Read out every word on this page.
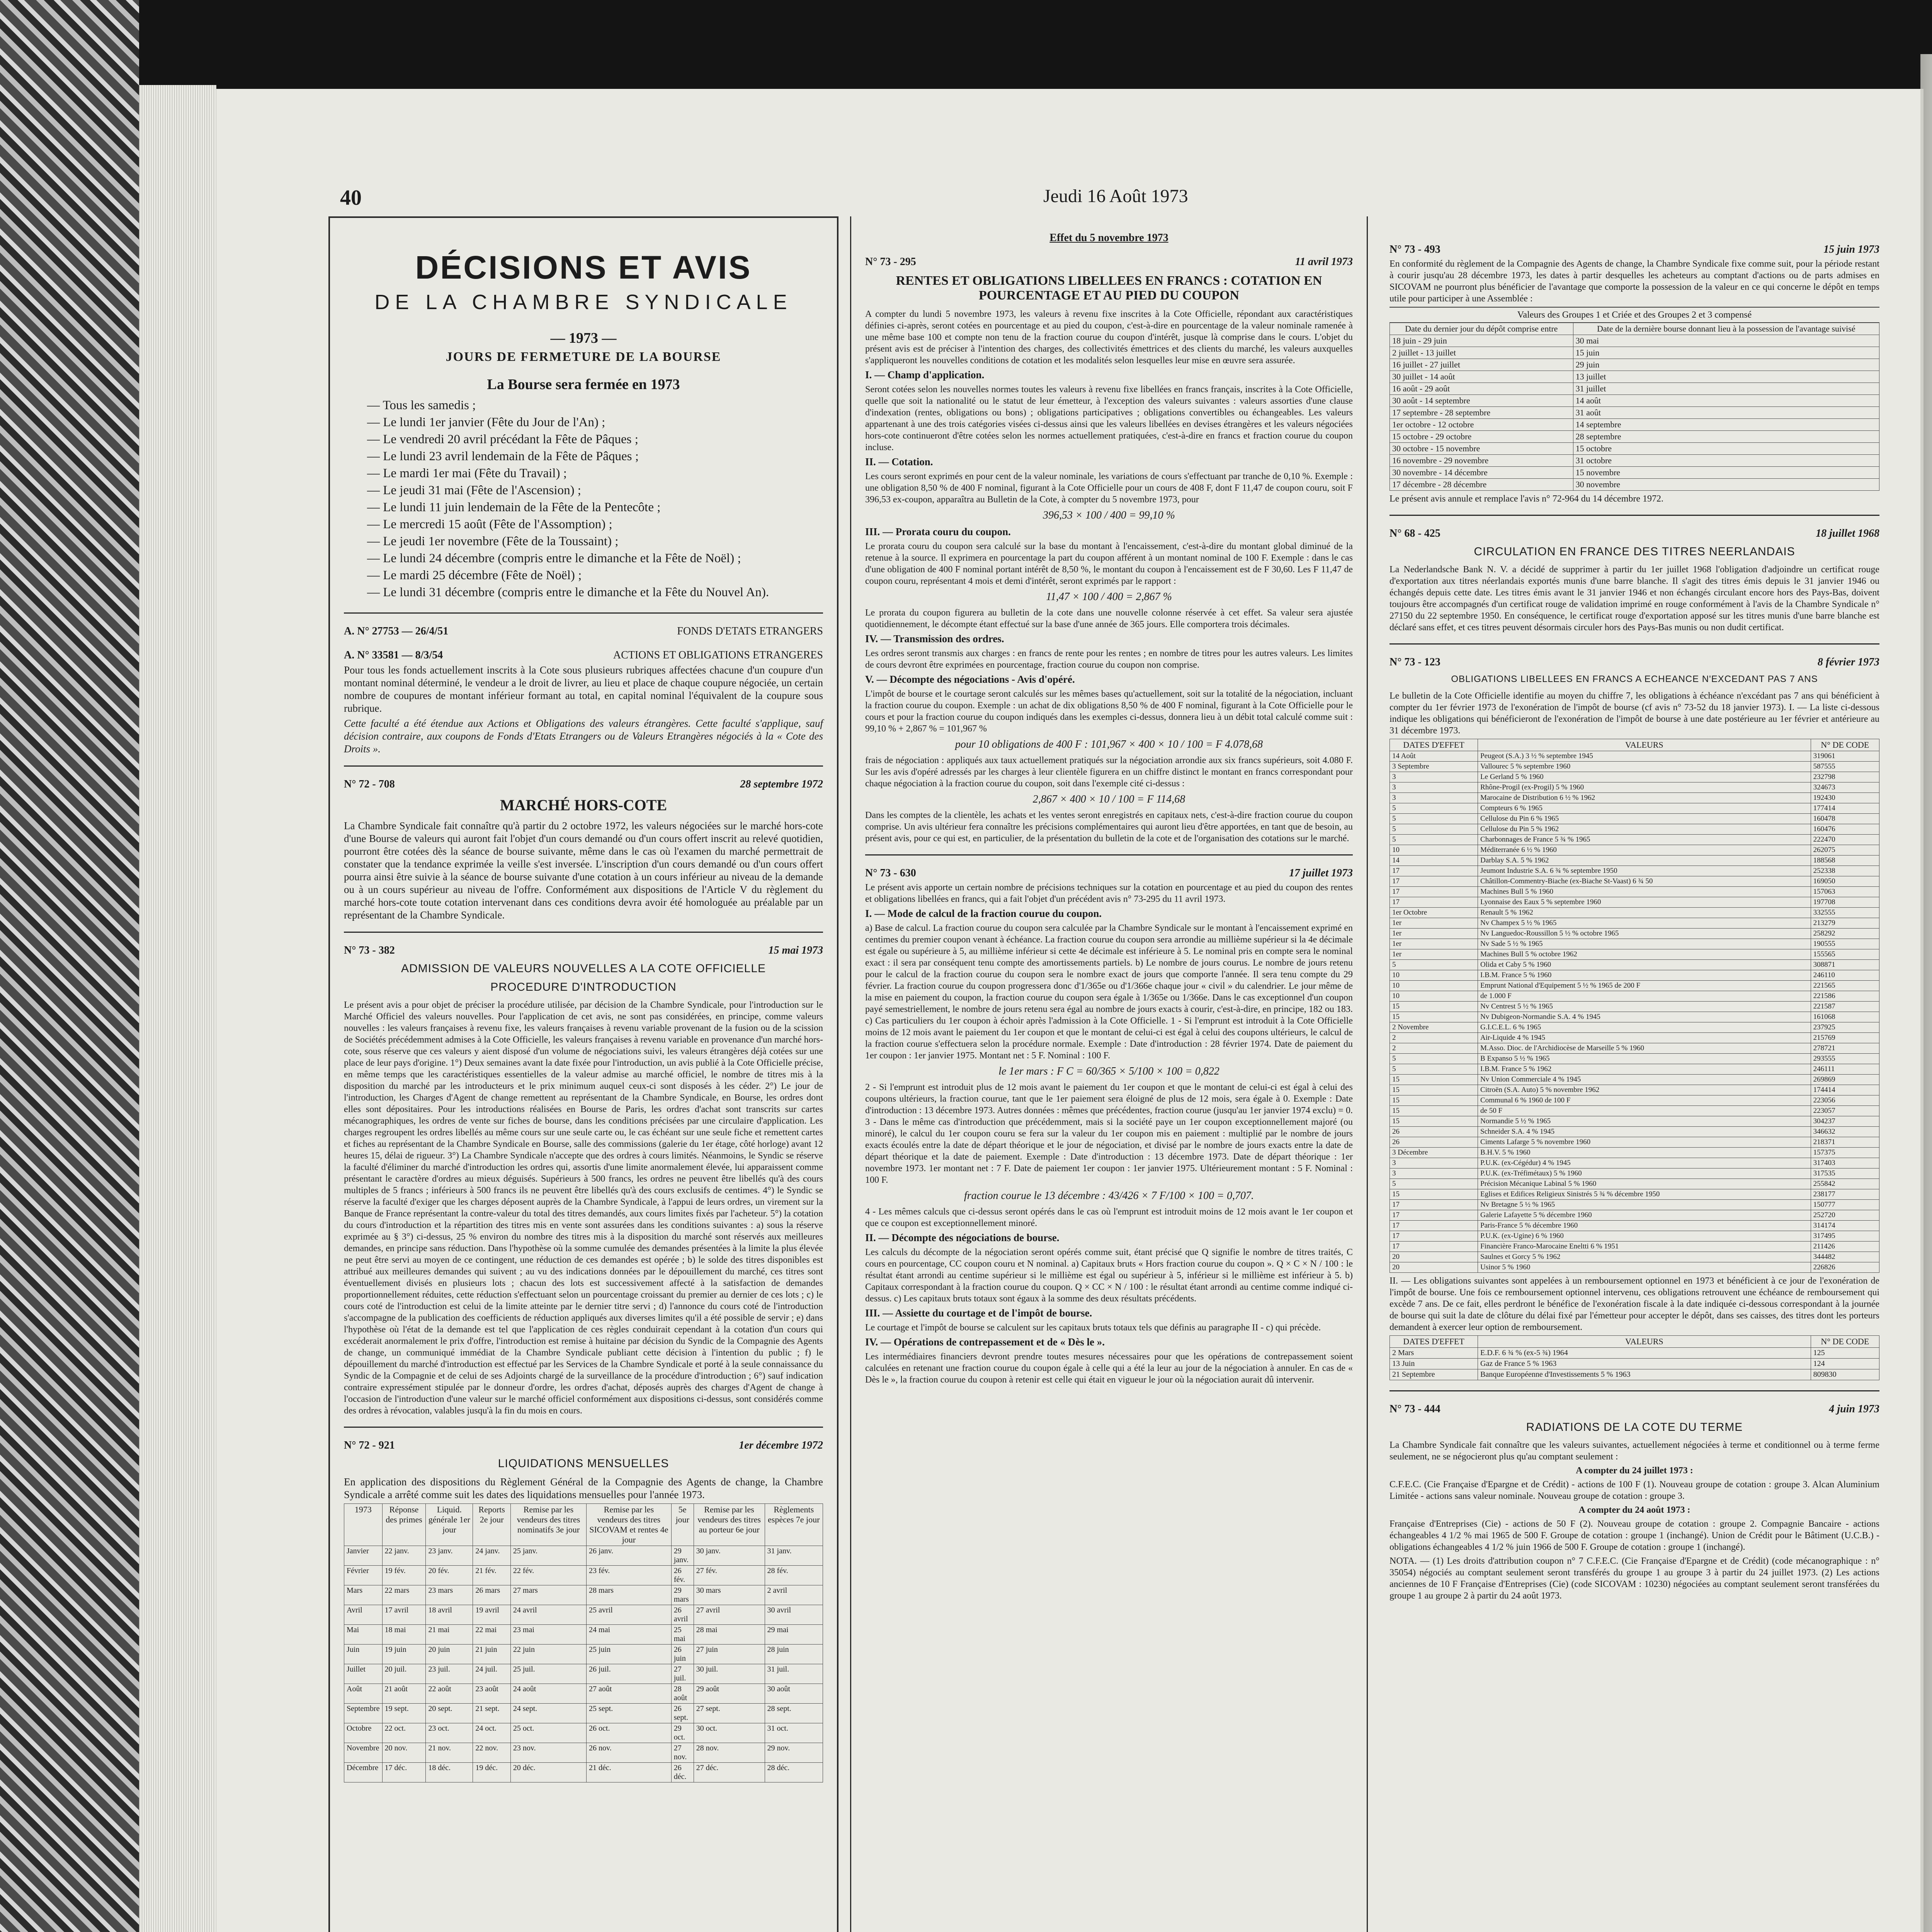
40	Jeudi 16 Août 1973
DÉCISIONS ET AVIS
DE LA CHAMBRE SYNDICALE
— 1973 —
JOURS DE FERMETURE DE LA BOURSE
La Bourse sera fermée en 1973
— Tous les samedis ;
— Le lundi 1er janvier (Fête du Jour de l'An) ;
— Le vendredi 20 avril précédant la Fête de Pâques ;
— Le lundi 23 avril lendemain de la Fête de Pâques ;
— Le mardi 1er mai (Fête du Travail) ;
— Le jeudi 31 mai (Fête de l'Ascension) ;
— Le lundi 11 juin lendemain de la Fête de la Pentecôte ;
— Le mercredi 15 août (Fête de l'Assomption) ;
— Le jeudi 1er novembre (Fête de la Toussaint) ;
— Le lundi 24 décembre (compris entre le dimanche et la Fête de Noël) ;
— Le mardi 25 décembre (Fête de Noël) ;
— Le lundi 31 décembre (compris entre le dimanche et la Fête du Nouvel An).
A. N° 27753 — 26/4/51	FONDS D'ETATS ETRANGERS
A. N° 33581 — 8/3/54	ACTIONS ET OBLIGATIONS ETRANGERES

Pour tous les fonds actuellement inscrits à la Cote sous plusieurs rubriques affectées chacune d'un coupure d'un montant nominal déterminé, le vendeur a le droit de livrer, au lieu et place de chaque coupure négociée, un certain nombre de coupures de montant inférieur formant au total, en capital nominal l'équivalent de la coupure sous rubrique.

Cette faculté a été étendue aux Actions et Obligations des valeurs étrangères. Cette faculté s'applique, sauf décision contraire, aux coupons de Fonds d'Etats Etrangers ou de Valeurs Etrangères négociés à la « Cote des Droits ».

N° 72 - 708	28 septembre 1972
MARCHÉ HORS-COTE

La Chambre Syndicale fait connaître qu'à partir du 2 octobre 1972, les valeurs négociées sur le marché hors-cote d'une Bourse de valeurs qui auront fait l'objet d'un cours demandé ou d'un cours offert inscrit au relevé quotidien, pourront être cotées dès la séance de bourse suivante, même dans le cas où l'examen du marché permettrait de constater que la tendance exprimée la veille s'est inversée. L'inscription d'un cours demandé ou d'un cours offert pourra ainsi être suivie à la séance de bourse suivante d'une cotation à un cours inférieur au niveau de la demande ou à un cours supérieur au niveau de l'offre. Conformément aux dispositions de l'Article V du règlement du marché hors-cote toute cotation intervenant dans ces conditions devra avoir été homologuée au préalable par un représentant de la Chambre Syndicale.

N° 73 - 382	15 mai 1973
ADMISSION DE VALEURS NOUVELLES A LA COTE OFFICIELLE
PROCEDURE D'INTRODUCTION

Le présent avis a pour objet de préciser la procédure utilisée, par décision de la Chambre Syndicale, pour l'introduction sur le Marché Officiel des valeurs nouvelles. Pour l'application de cet avis, ne sont pas considérées, en principe, comme valeurs nouvelles : les valeurs françaises à revenu fixe, les valeurs françaises à revenu variable provenant de la fusion ou de la scission de Sociétés précédemment admises à la Cote Officielle, les valeurs françaises à revenu variable en provenance d'un marché hors-cote, sous réserve que ces valeurs y aient disposé d'un volume de négociations suivi, les valeurs étrangères déjà cotées sur une place de leur pays d'origine. 1°) Deux semaines avant la date fixée pour l'introduction, un avis publié à la Cote Officielle précise, en même temps que les caractéristiques essentielles de la valeur admise au marché officiel, le nombre de titres mis à la disposition du marché par les introducteurs et le prix minimum auquel ceux-ci sont disposés à les céder. 2°) Le jour de l'introduction, les Charges d'Agent de change remettent au représentant de la Chambre Syndicale, en Bourse, les ordres dont elles sont dépositaires. Pour les introductions réalisées en Bourse de Paris, les ordres d'achat sont transcrits sur cartes mécanographiques, les ordres de vente sur fiches de bourse, dans les conditions précisées par une circulaire d'application. Les charges regroupent les ordres libellés au même cours sur une seule carte ou, le cas échéant sur une seule fiche et remettent cartes et fiches au représentant de la Chambre Syndicale en Bourse, salle des commissions (galerie du 1er étage, côté horloge) avant 12 heures 15, délai de rigueur. 3°) La Chambre Syndicale n'accepte que des ordres à cours limités. Néanmoins, le Syndic se réserve la faculté d'éliminer du marché d'introduction les ordres qui, assortis d'une limite anormalement élevée, lui apparaissent comme présentant le caractère d'ordres au mieux déguisés. Supérieurs à 500 francs, les ordres ne peuvent être libellés qu'à des cours multiples de 5 francs ; inférieurs à 500 francs ils ne peuvent être libellés qu'à des cours exclusifs de centimes. 4°) le Syndic se réserve la faculté d'exiger que les charges déposent auprès de la Chambre Syndicale, à l'appui de leurs ordres, un virement sur la Banque de France représentant la contre-valeur du total des titres demandés, aux cours limites fixés par l'acheteur. 5°) la cotation du cours d'introduction et la répartition des titres mis en vente sont assurées dans les conditions suivantes : a) sous la réserve exprimée au § 3°) ci-dessus, 25 % environ du nombre des titres mis à la disposition du marché sont réservés aux meilleures demandes, en principe sans réduction. Dans l'hypothèse où la somme cumulée des demandes présentées à la limite la plus élevée ne peut être servi au moyen de ce contingent, une réduction de ces demandes est opérée ; b) le solde des titres disponibles est attribué aux meilleures demandes qui suivent ; au vu des indications données par le dépouillement du marché, ces titres sont éventuellement divisés en plusieurs lots ; chacun des lots est successivement affecté à la satisfaction de demandes proportionnellement réduites, cette réduction s'effectuant selon un pourcentage croissant du premier au dernier de ces lots ; c) le cours coté de l'introduction est celui de la limite atteinte par le dernier titre servi ; d) l'annonce du cours coté de l'introduction s'accompagne de la publication des coefficients de réduction appliqués aux diverses limites qu'il a été possible de servir ; e) dans l'hypothèse où l'état de la demande est tel que l'application de ces règles conduirait cependant à la cotation d'un cours qui excéderait anormalement le prix d'offre, l'introduction est remise à huitaine par décision du Syndic de la Compagnie des Agents de change, un communiqué immédiat de la Chambre Syndicale publiant cette décision à l'intention du public ; f) le dépouillement du marché d'introduction est effectué par les Services de la Chambre Syndicale et porté à la seule connaissance du Syndic de la Compagnie et de celui de ses Adjoints chargé de la surveillance de la procédure d'introduction ; 6°) sauf indication contraire expressément stipulée par le donneur d'ordre, les ordres d'achat, déposés auprès des charges d'Agent de change à l'occasion de l'introduction d'une valeur sur le marché officiel conformément aux dispositions ci-dessus, sont considérés comme des ordres à révocation, valables jusqu'à la fin du mois en cours.

N° 72 - 921	1er décembre 1972
LIQUIDATIONS MENSUELLES

En application des dispositions du Règlement Général de la Compagnie des Agents de change, la Chambre Syndicale a arrêté comme suit les dates des liquidations mensuelles pour l'année 1973.

1973	Réponse des primes	Liquid. générale 1er jour	Reports 2e jour	Remise par les vendeurs des titres nominatifs 3e jour	Remise par les vendeurs des titres SICOVAM et rentes 4e jour	5e jour	Remise par les vendeurs des titres au porteur 6e jour	Règlements espèces 7e jour
Janvier	22 janv.	23 janv.	24 janv.	25 janv.	26 janv.	29 janv.	30 janv.	31 janv.
Février	19 fév.	20 fév.	21 fév.	22 fév.	23 fév.	26 fév.	27 fév.	28 fév.
Mars	22 mars	23 mars	26 mars	27 mars	28 mars	29 mars	30 mars	2 avril
Avril	17 avril	18 avril	19 avril	24 avril	25 avril	26 avril	27 avril	30 avril
Mai	18 mai	21 mai	22 mai	23 mai	24 mai	25 mai	28 mai	29 mai
Juin	19 juin	20 juin	21 juin	22 juin	25 juin	26 juin	27 juin	28 juin
Juillet	20 juil.	23 juil.	24 juil.	25 juil.	26 juil.	27 juil.	30 juil.	31 juil.
Août	21 août	22 août	23 août	24 août	27 août	28 août	29 août	30 août
Septembre	19 sept.	20 sept.	21 sept.	24 sept.	25 sept.	26 sept.	27 sept.	28 sept.
Octobre	22 oct.	23 oct.	24 oct.	25 oct.	26 oct.	29 oct.	30 oct.	31 oct.
Novembre	20 nov.	21 nov.	22 nov.	23 nov.	26 nov.	27 nov.	28 nov.	29 nov.
Décembre	17 déc.	18 déc.	19 déc.	20 déc.	21 déc.	26 déc.	27 déc.	28 déc.
Effet du 5 novembre 1973
N° 73 - 295	11 avril 1973
RENTES ET OBLIGATIONS LIBELLEES EN FRANCS : COTATION EN POURCENTAGE ET AU PIED DU COUPON

A compter du lundi 5 novembre 1973, les valeurs à revenu fixe inscrites à la Cote Officielle, répondant aux caractéristiques définies ci-après, seront cotées en pourcentage et au pied du coupon, c'est-à-dire en pourcentage de la valeur nominale ramenée à une même base 100 et compte non tenu de la fraction courue du coupon d'intérêt, jusque là comprise dans le cours. L'objet du présent avis est de préciser à l'intention des charges, des collectivités émettrices et des clients du marché, les valeurs auxquelles s'appliqueront les nouvelles conditions de cotation et les modalités selon lesquelles leur mise en œuvre sera assurée.

I. — Champ d'application.

Seront cotées selon les nouvelles normes toutes les valeurs à revenu fixe libellées en francs français, inscrites à la Cote Officielle, quelle que soit la nationalité ou le statut de leur émetteur, à l'exception des valeurs suivantes : valeurs assorties d'une clause d'indexation (rentes, obligations ou bons) ; obligations participatives ; obligations convertibles ou échangeables. Les valeurs appartenant à une des trois catégories visées ci-dessus ainsi que les valeurs libellées en devises étrangères et les valeurs négociées hors-cote continueront d'être cotées selon les normes actuellement pratiquées, c'est-à-dire en francs et fraction courue du coupon incluse.

II. — Cotation.

Les cours seront exprimés en pour cent de la valeur nominale, les variations de cours s'effectuant par tranche de 0,10 %. Exemple : une obligation 8,50 % de 400 F nominal, figurant à la Cote Officielle pour un cours de 408 F, dont F 11,47 de coupon couru, soit F 396,53 ex-coupon, apparaîtra au Bulletin de la Cote, à compter du 5 novembre 1973, pour

396,53 × 100 / 400 = 99,10 %

III. — Prorata couru du coupon.

Le prorata couru du coupon sera calculé sur la base du montant à l'encaissement, c'est-à-dire du montant global diminué de la retenue à la source. Il exprimera en pourcentage la part du coupon afférent à un montant nominal de 100 F. Exemple : dans le cas d'une obligation de 400 F nominal portant intérêt de 8,50 %, le montant du coupon à l'encaissement est de F 30,60. Les F 11,47 de coupon couru, représentant 4 mois et demi d'intérêt, seront exprimés par le rapport :

11,47 × 100 / 400 = 2,867 %

Le prorata du coupon figurera au bulletin de la cote dans une nouvelle colonne réservée à cet effet. Sa valeur sera ajustée quotidiennement, le décompte étant effectué sur la base d'une année de 365 jours. Elle comportera trois décimales.

IV. — Transmission des ordres.

Les ordres seront transmis aux charges : en francs de rente pour les rentes ; en nombre de titres pour les autres valeurs. Les limites de cours devront être exprimées en pourcentage, fraction courue du coupon non comprise.

V. — Décompte des négociations - Avis d'opéré.

L'impôt de bourse et le courtage seront calculés sur les mêmes bases qu'actuellement, soit sur la totalité de la négociation, incluant la fraction courue du coupon. Exemple : un achat de dix obligations 8,50 % de 400 F nominal, figurant à la Cote Officielle pour le cours et pour la fraction courue du coupon indiqués dans les exemples ci-dessus, donnera lieu à un débit total calculé comme suit : 99,10 % + 2,867 % = 101,967 %

pour 10 obligations de 400 F : 101,967 × 400 × 10 / 100 = F 4.078,68

frais de négociation : appliqués aux taux actuellement pratiqués sur la négociation arrondie aux six francs supérieurs, soit 4.080 F. Sur les avis d'opéré adressés par les charges à leur clientèle figurera en un chiffre distinct le montant en francs correspondant pour chaque négociation à la fraction courue du coupon, soit dans l'exemple cité ci-dessus :

2,867 × 400 × 10 / 100 = F 114,68

Dans les comptes de la clientèle, les achats et les ventes seront enregistrés en capitaux nets, c'est-à-dire fraction courue du coupon comprise. Un avis ultérieur fera connaître les précisions complémentaires qui auront lieu d'être apportées, en tant que de besoin, au présent avis, pour ce qui est, en particulier, de la présentation du bulletin de la cote et de l'organisation des cotations sur le marché.

N° 73 - 630	17 juillet 1973

Le présent avis apporte un certain nombre de précisions techniques sur la cotation en pourcentage et au pied du coupon des rentes et obligations libellées en francs, qui a fait l'objet d'un précédent avis n° 73-295 du 11 avril 1973.

I. — Mode de calcul de la fraction courue du coupon.

a) Base de calcul. La fraction courue du coupon sera calculée par la Chambre Syndicale sur le montant à l'encaissement exprimé en centimes du premier coupon venant à échéance. La fraction courue du coupon sera arrondie au millième supérieur si la 4e décimale est égale ou supérieure à 5, au millième inférieur si cette 4e décimale est inférieure à 5. Le nominal pris en compte sera le nominal exact : il sera par conséquent tenu compte des amortissements partiels. b) Le nombre de jours courus. Le nombre de jours retenu pour le calcul de la fraction courue du coupon sera le nombre exact de jours que comporte l'année. Il sera tenu compte du 29 février. La fraction courue du coupon progressera donc d'1/365e ou d'1/366e chaque jour « civil » du calendrier. Le jour même de la mise en paiement du coupon, la fraction courue du coupon sera égale à 1/365e ou 1/366e. Dans le cas exceptionnel d'un coupon payé semestriellement, le nombre de jours retenu sera égal au nombre de jours exacts à courir, c'est-à-dire, en principe, 182 ou 183. c) Cas particuliers du 1er coupon à échoir après l'admission à la Cote Officielle. 1 - Si l'emprunt est introduit à la Cote Officielle moins de 12 mois avant le paiement du 1er coupon et que le montant de celui-ci est égal à celui des coupons ultérieurs, le calcul de la fraction courue s'effectuera selon la procédure normale. Exemple : Date d'introduction : 28 février 1974. Date de paiement du 1er coupon : 1er janvier 1975. Montant net : 5 F. Nominal : 100 F.

le 1er mars : F C = 60/365 × 5/100 × 100 = 0,822

2 - Si l'emprunt est introduit plus de 12 mois avant le paiement du 1er coupon et que le montant de celui-ci est égal à celui des coupons ultérieurs, la fraction courue, tant que le 1er paiement sera éloigné de plus de 12 mois, sera égale à 0. Exemple : Date d'introduction : 13 décembre 1973. Autres données : mêmes que précédentes, fraction courue (jusqu'au 1er janvier 1974 exclu) = 0. 3 - Dans le même cas d'introduction que précédemment, mais si la société paye un 1er coupon exceptionnellement majoré (ou minoré), le calcul du 1er coupon couru se fera sur la valeur du 1er coupon mis en paiement : multiplié par le nombre de jours exacts écoulés entre la date de départ théorique et le jour de négociation, et divisé par le nombre de jours exacts entre la date de départ théorique et la date de paiement. Exemple : Date d'introduction : 13 décembre 1973. Date de départ théorique : 1er novembre 1973. 1er montant net : 7 F. Date de paiement 1er coupon : 1er janvier 1975. Ultérieurement montant : 5 F. Nominal : 100 F.

fraction courue le 13 décembre : 43/426 × 7 F/100 × 100 = 0,707.

4 - Les mêmes calculs que ci-dessus seront opérés dans le cas où l'emprunt est introduit moins de 12 mois avant le 1er coupon et que ce coupon est exceptionnellement minoré.

II. — Décompte des négociations de bourse.

Les calculs du décompte de la négociation seront opérés comme suit, étant précisé que Q signifie le nombre de titres traités, C cours en pourcentage, CC coupon couru et N nominal. a) Capitaux bruts « Hors fraction courue du coupon ». Q × C × N / 100 : le résultat étant arrondi au centime supérieur si le millième est égal ou supérieur à 5, inférieur si le millième est inférieur à 5. b) Capitaux correspondant à la fraction courue du coupon. Q × CC × N / 100 : le résultat étant arrondi au centime comme indiqué ci-dessus. c) Les capitaux bruts totaux sont égaux à la somme des deux résultats précédents.

III. — Assiette du courtage et de l'impôt de bourse.

Le courtage et l'impôt de bourse se calculent sur les capitaux bruts totaux tels que définis au paragraphe II - c) qui précède.

IV. — Opérations de contrepassement et de « Dès le ».

Les intermédiaires financiers devront prendre toutes mesures nécessaires pour que les opérations de contrepassement soient calculées en retenant une fraction courue du coupon égale à celle qui a été la leur au jour de la négociation à annuler. En cas de « Dès le », la fraction courue du coupon à retenir est celle qui était en vigueur le jour où la négociation aurait dû intervenir.

N° 73 - 493	15 juin 1973

En conformité du règlement de la Compagnie des Agents de change, la Chambre Syndicale fixe comme suit, pour la période restant à courir jusqu'au 28 décembre 1973, les dates à partir desquelles les acheteurs au comptant d'actions ou de parts admises en SICOVAM ne pourront plus bénéficier de l'avantage que comporte la possession de la valeur en ce qui concerne le dépôt en temps utile pour participer à une Assemblée :

Valeurs des Groupes 1 et Criée et des Groupes 2 et 3 compensé
Date du dernier jour du dépôt comprise entre	Date de la dernière bourse donnant lieu à la possession de l'avantage suivisé
18 juin - 29 juin	30 mai
2 juillet - 13 juillet	15 juin
16 juillet - 27 juillet	29 juin
30 juillet - 14 août	13 juillet
16 août - 29 août	31 juillet
30 août - 14 septembre	14 août
17 septembre - 28 septembre	31 août
1er octobre - 12 octobre	14 septembre
15 octobre - 29 octobre	28 septembre
30 octobre - 15 novembre	15 octobre
16 novembre - 29 novembre	31 octobre
30 novembre - 14 décembre	15 novembre
17 décembre - 28 décembre	30 novembre

Le présent avis annule et remplace l'avis n° 72-964 du 14 décembre 1972.

N° 68 - 425	18 juillet 1968
CIRCULATION EN FRANCE DES TITRES NEERLANDAIS

La Nederlandsche Bank N. V. a décidé de supprimer à partir du 1er juillet 1968 l'obligation d'adjoindre un certificat rouge d'exportation aux titres néerlandais exportés munis d'une barre blanche. Il s'agit des titres émis depuis le 31 janvier 1946 ou échangés depuis cette date. Les titres émis avant le 31 janvier 1946 et non échangés circulant encore hors des Pays-Bas, doivent toujours être accompagnés d'un certificat rouge de validation imprimé en rouge conformément à l'avis de la Chambre Syndicale n° 27150 du 22 septembre 1950. En conséquence, le certificat rouge d'exportation apposé sur les titres munis d'une barre blanche est déclaré sans effet, et ces titres peuvent désormais circuler hors des Pays-Bas munis ou non dudit certificat.

N° 73 - 123	8 février 1973
OBLIGATIONS LIBELLEES EN FRANCS A ECHEANCE N'EXCEDANT PAS 7 ANS

Le bulletin de la Cote Officielle identifie au moyen du chiffre 7, les obligations à échéance n'excédant pas 7 ans qui bénéficient à compter du 1er février 1973 de l'exonération de l'impôt de bourse (cf avis n° 73-52 du 18 janvier 1973). I. — La liste ci-dessous indique les obligations qui bénéficieront de l'exonération de l'impôt de bourse à une date postérieure au 1er février et antérieure au 31 décembre 1973.

DATES D'EFFET	VALEURS	N° DE CODE
14 Août	Peugeot (S.A.) 3 ½ % septembre 1945	319061
3 Septembre	Vallourec 5 % septembre 1960	587555
3	Le Gerland 5 % 1960	232798
3	Rhône-Progil (ex-Progil) 5 % 1960	324673
3	Marocaine de Distribution 6 ½ % 1962	192430
5	Compteurs 6 % 1965	177414
5	Cellulose du Pin 6 % 1965	160478
5	Cellulose du Pin 5 % 1962	160476
5	Charbonnages de France 5 ¾ % 1965	222470
10	Méditerranée 6 ½ % 1960	262075
14	Darblay S.A. 5 % 1962	188568
17	Jeumont Industrie S.A. 6 ¾ % septembre 1950	252338
17	Châtillon-Commentry-Biache (ex-Biache St-Vaast) 6 ¾ 50	169050
17	Machines Bull 5 % 1960	157063
17	Lyonnaise des Eaux 5 % septembre 1960	197708
1er Octobre	Renault 5 % 1962	332555
1er	Nv Champex 5 ½ % 1965	213279
1er	Nv Languedoc-Roussillon 5 ½ % octobre 1965	258292
1er	Nv Sade 5 ½ % 1965	190555
1er	Machines Bull 5 % octobre 1962	155565
5	Olida et Caby 5 % 1960	308871
10	I.B.M. France 5 % 1960	246110
10	Emprunt National d'Equipement 5 ½ % 1965 de 200 F	221565
10	de 1.000 F	221586
15	Nv Centrest 5 ½ % 1965	221587
15	Nv Dubigeon-Normandie S.A. 4 % 1945	161068
2 Novembre	G.I.C.E.L. 6 % 1965	237925
2	Air-Liquide 4 % 1945	215769
2	M.Asso. Dioc. de l'Archidiocèse de Marseille 5 % 1960	278721
5	B Expanso 5 ½ % 1965	293555
5	I.B.M. France 5 % 1962	246111
15	Nv Union Commerciale 4 % 1945	269869
15	Citroën (S.A. Auto) 5 % novembre 1962	174414
15	Communal 6 % 1960 de 100 F	223056
15	de 50 F	223057
15	Normandie 5 ½ % 1965	304237
26	Schneider S.A. 4 % 1945	346632
26	Ciments Lafarge 5 % novembre 1960	218371
3 Décembre	B.H.V. 5 % 1960	157375
3	P.U.K. (ex-Cégédur) 4 % 1945	317403
3	P.U.K. (ex-Tréfimétaux) 5 % 1960	317535
5	Précision Mécanique Labinal 5 % 1960	255842
15	Eglises et Edifices Religieux Sinistrés 5 ¾ % décembre 1950	238177
17	Nv Bretagne 5 ½ % 1965	150777
17	Galerie Lafayette 5 % décembre 1960	252720
17	Paris-France 5 % décembre 1960	314174
17	P.U.K. (ex-Ugine) 6 % 1960	317495
17	Financière Franco-Marocaine Eneltti 6 % 1951	211426
20	Saulnes et Gorcy 5 % 1962	344482
20	Usinor 5 % 1960	226826

II. — Les obligations suivantes sont appelées à un remboursement optionnel en 1973 et bénéficient à ce jour de l'exonération de l'impôt de bourse. Une fois ce remboursement optionnel intervenu, ces obligations retrouvent une échéance de remboursement qui excède 7 ans. De ce fait, elles perdront le bénéfice de l'exonération fiscale à la date indiquée ci-dessous correspondant à la journée de bourse qui suit la date de clôture du délai fixé par l'émetteur pour accepter le dépôt, dans ses caisses, des titres dont les porteurs demandent à exercer leur option de remboursement.

DATES D'EFFET	VALEURS	N° DE CODE
2 Mars	E.D.F. 6 ¾ % (ex-5 ¾) 1964	125
13 Juin	Gaz de France 5 % 1963	124
21 Septembre	Banque Européenne d'Investissements 5 % 1963	809830
N° 73 - 444	4 juin 1973
RADIATIONS DE LA COTE DU TERME

La Chambre Syndicale fait connaître que les valeurs suivantes, actuellement négociées à terme et conditionnel ou à terme ferme seulement, ne se négocieront plus qu'au comptant seulement :

A compter du 24 juillet 1973 :

C.F.E.C. (Cie Française d'Epargne et de Crédit) - actions de 100 F (1). Nouveau groupe de cotation : groupe 3. Alcan Aluminium Limitée - actions sans valeur nominale. Nouveau groupe de cotation : groupe 3.

A compter du 24 août 1973 :

Française d'Entreprises (Cie) - actions de 50 F (2). Nouveau groupe de cotation : groupe 2. Compagnie Bancaire - actions échangeables 4 1/2 % mai 1965 de 500 F. Groupe de cotation : groupe 1 (inchangé). Union de Crédit pour le Bâtiment (U.C.B.) - obligations échangeables 4 1/2 % juin 1966 de 500 F. Groupe de cotation : groupe 1 (inchangé).

NOTA. — (1) Les droits d'attribution coupon n° 7 C.F.E.C. (Cie Française d'Epargne et de Crédit) (code mécanographique : n° 35054) négociés au comptant seulement seront transférés du groupe 1 au groupe 3 à partir du 24 juillet 1973. (2) Les actions anciennes de 10 F Française d'Entreprises (Cie) (code SICOVAM : 10230) négociées au comptant seulement seront transférées du groupe 1 au groupe 2 à partir du 24 août 1973.
